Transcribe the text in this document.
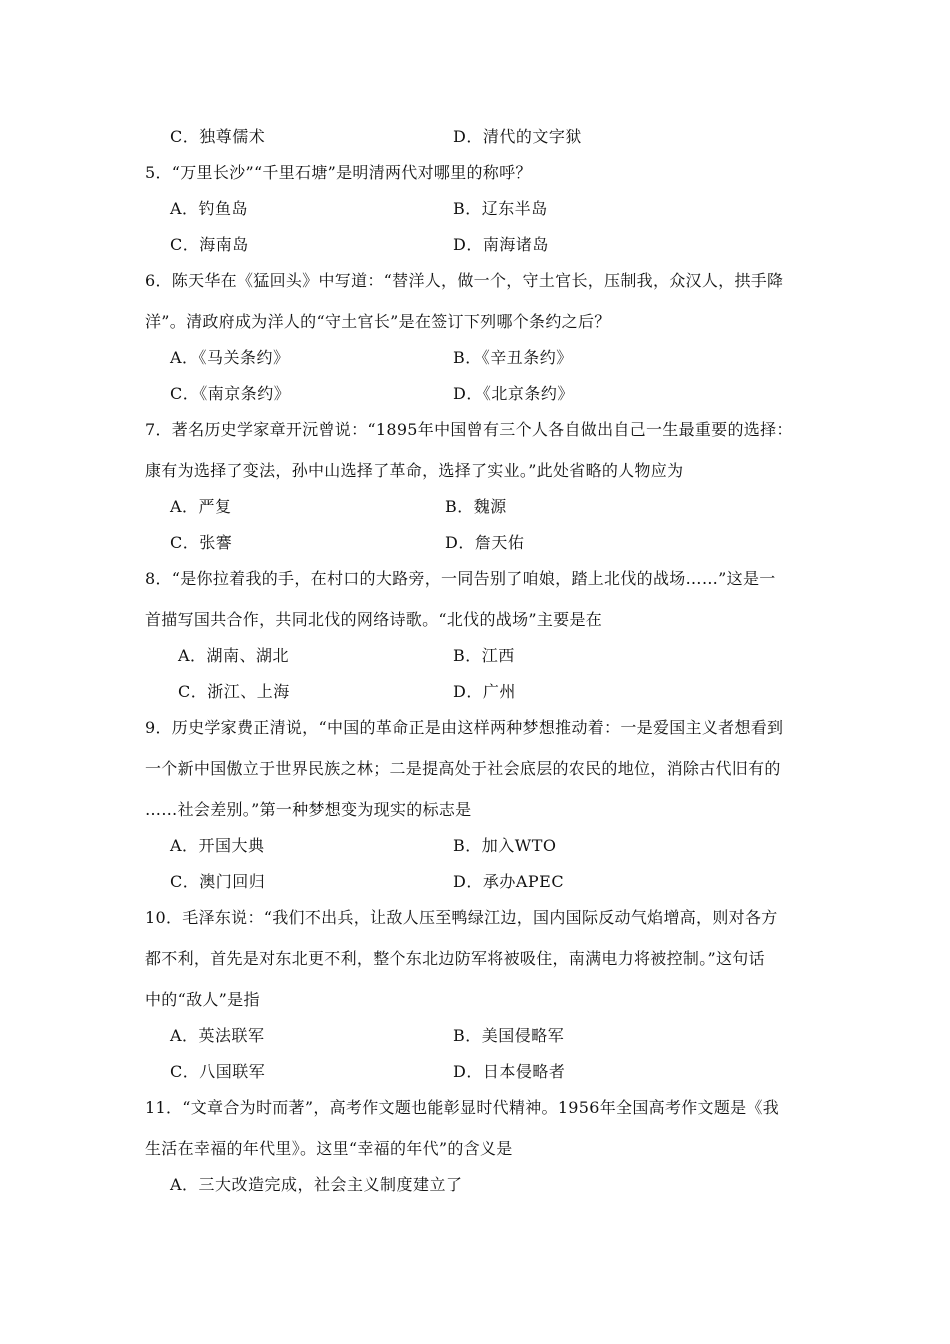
C．独尊儒术	D．清代的文字狱
5．“万里长沙”“千里石塘”是明清两代对哪里的称呼？
A．钓鱼岛	B．辽东半岛
C．海南岛	D．南海诸岛
6．陈天华在《猛回头》中写道：“替洋人，做一个，守土官长，压制我，众汉人，拱手降
洋”。清政府成为洋人的“守土官长”是在签订下列哪个条约之后？
A．《马关条约》	B．《辛丑条约》
C．《南京条约》	D．《北京条约》
7．著名历史学家章开沅曾说：“1895年中国曾有三个人各自做出自己一生最重要的选择：
康有为选择了变法，孙中山选择了革命，选择了实业。”此处省略的人物应为
A．严复	B．魏源
C．张謇	D．詹天佑
8．“是你拉着我的手，在村口的大路旁，一同告别了咱娘，踏上北伐的战场……”这是一
首描写国共合作，共同北伐的网络诗歌。“北伐的战场”主要是在
A．湖南、湖北	B．江西
C．浙江、上海	D．广州
9．历史学家费正清说，“中国的革命正是由这样两种梦想推动着：一是爱国主义者想看到
一个新中国傲立于世界民族之林；二是提高处于社会底层的农民的地位，消除古代旧有的
……社会差别。”第一种梦想变为现实的标志是
A．开国大典	B．加入WTO
C．澳门回归	D．承办APEC
10．毛泽东说：“我们不出兵，让敌人压至鸭绿江边，国内国际反动气焰增高，则对各方
都不利，首先是对东北更不利，整个东北边防军将被吸住，南满电力将被控制。”这句话
中的“敌人”是指
A．英法联军	B．美国侵略军
C．八国联军	D．日本侵略者
11．“文章合为时而著”，高考作文题也能彰显时代精神。1956年全国高考作文题是《我
生活在幸福的年代里》。这里“幸福的年代”的含义是
A．三大改造完成，社会主义制度建立了
